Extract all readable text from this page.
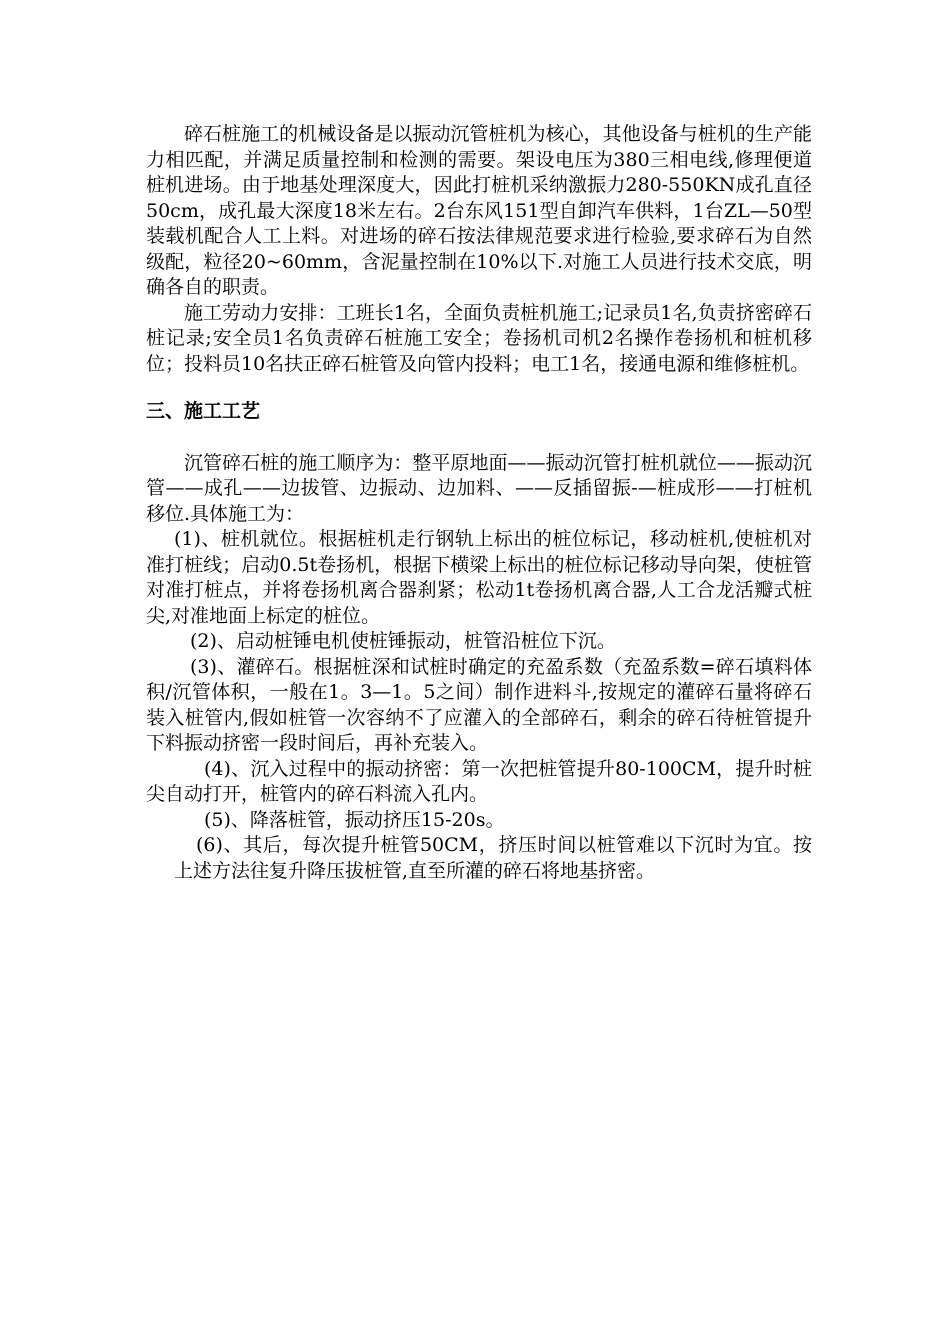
碎石桩施工的机械设备是以振动沉管桩机为核心，其他设备与桩机的生产能力相匹配，并满足质量控制和检测的需要。架设电压为380三相电线,修理便道桩机进场。由于地基处理深度大，因此打桩机采纳激振力280-550KN成孔直径50cm，成孔最大深度18米左右。2台东风151型自卸汽车供料，1台ZL—50型装载机配合人工上料。对进场的碎石按法律规范要求进行检验,要求碎石为自然级配，粒径20~60mm，含泥量控制在10%以下.对施工人员进行技术交底，明确各自的职责。

施工劳动力安排：工班长1名，全面负责桩机施工;记录员1名,负责挤密碎石桩记录;安全员1名负责碎石桩施工安全；卷扬机司机2名操作卷扬机和桩机移位；投料员10名扶正碎石桩管及向管内投料；电工1名，接通电源和维修桩机。

三、施工工艺

沉管碎石桩的施工顺序为：整平原地面——振动沉管打桩机就位——振动沉管——成孔——边拔管、边振动、边加料、——反插留振-—桩成形——打桩机移位.具体施工为：

(1)、桩机就位。根据桩机走行钢轨上标出的桩位标记，移动桩机,使桩机对准打桩线；启动0.5t卷扬机，根据下横梁上标出的桩位标记移动导向架，使桩管对准打桩点，并将卷扬机离合器刹紧；松动1t卷扬机离合器,人工合龙活瓣式桩尖,对准地面上标定的桩位。

(2)、启动桩锤电机使桩锤振动，桩管沿桩位下沉。

(3)、灌碎石。根据桩深和试桩时确定的充盈系数（充盈系数=碎石填料体积/沉管体积，一般在1。3—1。5之间）制作进料斗,按规定的灌碎石量将碎石装入桩管内,假如桩管一次容纳不了应灌入的全部碎石，剩余的碎石待桩管提升下料振动挤密一段时间后，再补充装入。

(4)、沉入过程中的振动挤密：第一次把桩管提升80-100CM，提升时桩尖自动打开，桩管内的碎石料流入孔内。

(5)、降落桩管，振动挤压15-20s。

(6)、其后，每次提升桩管50CM，挤压时间以桩管难以下沉时为宜。按上述方法往复升降压拔桩管,直至所灌的碎石将地基挤密。
